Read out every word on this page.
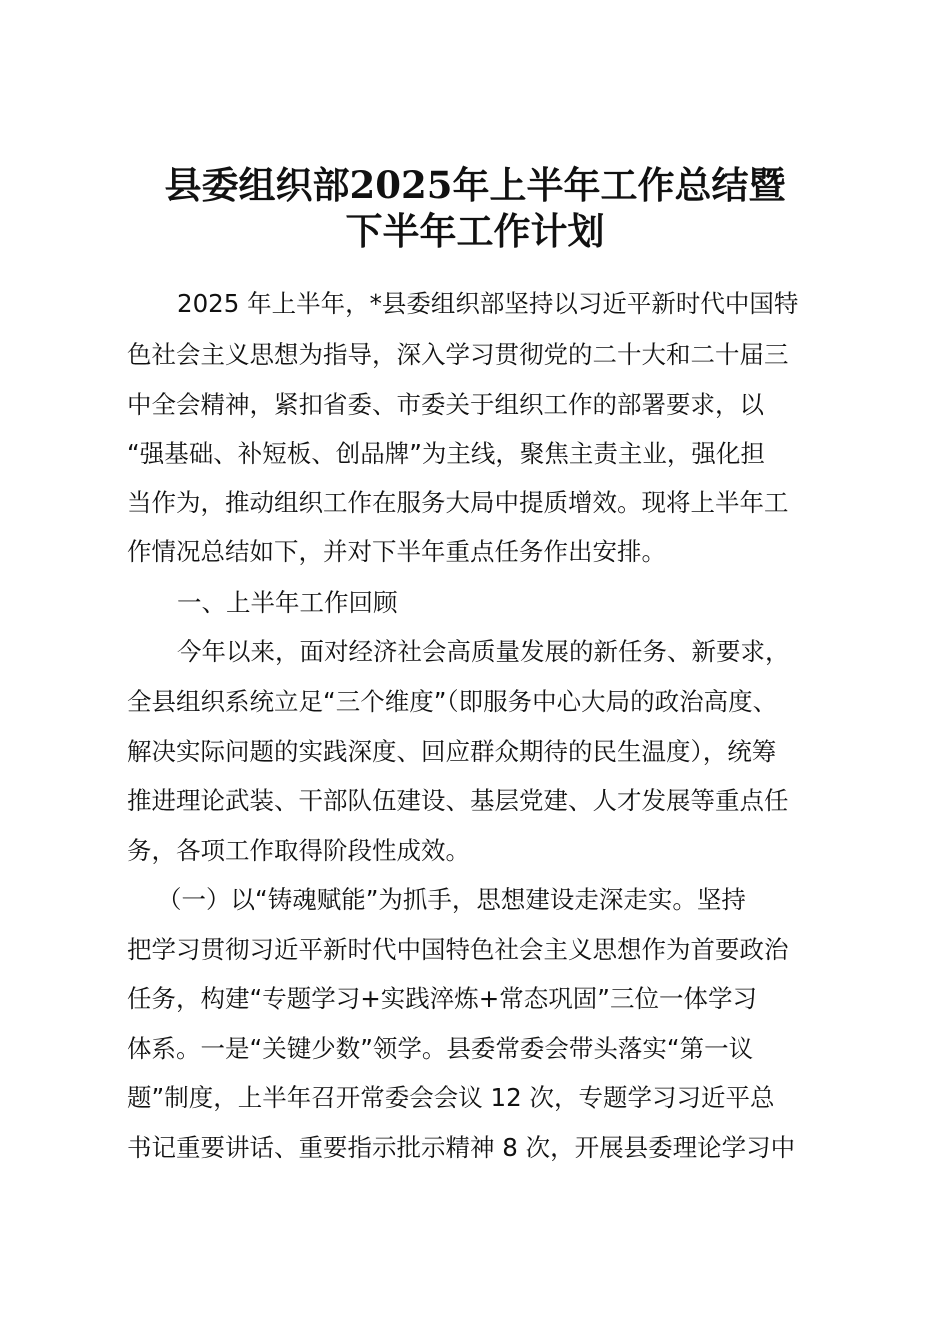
县委组织部2025年上半年工作总结暨
下半年工作计划
2025 年上半年，*县委组织部坚持以习近平新时代中国特
色社会主义思想为指导，深入学习贯彻党的二十大和二十届三
中全会精神，紧扣省委、市委关于组织工作的部署要求，以
“强基础、补短板、创品牌”为主线，聚焦主责主业，强化担
当作为，推动组织工作在服务大局中提质增效。现将上半年工
作情况总结如下，并对下半年重点任务作出安排。
一、上半年工作回顾
今年以来，面对经济社会高质量发展的新任务、新要求，
全县组织系统立足“三个维度”（即服务中心大局的政治高度、
解决实际问题的实践深度、回应群众期待的民生温度），统筹
推进理论武装、干部队伍建设、基层党建、人才发展等重点任
务，各项工作取得阶段性成效。
（一）以“铸魂赋能”为抓手，思想建设走深走实。坚持
把学习贯彻习近平新时代中国特色社会主义思想作为首要政治
任务，构建“专题学习+实践淬炼+常态巩固”三位一体学习
体系。一是“关键少数”领学。县委常委会带头落实“第一议
题”制度，上半年召开常委会会议 12 次，专题学习习近平总
书记重要讲话、重要指示批示精神 8 次，开展县委理论学习中
